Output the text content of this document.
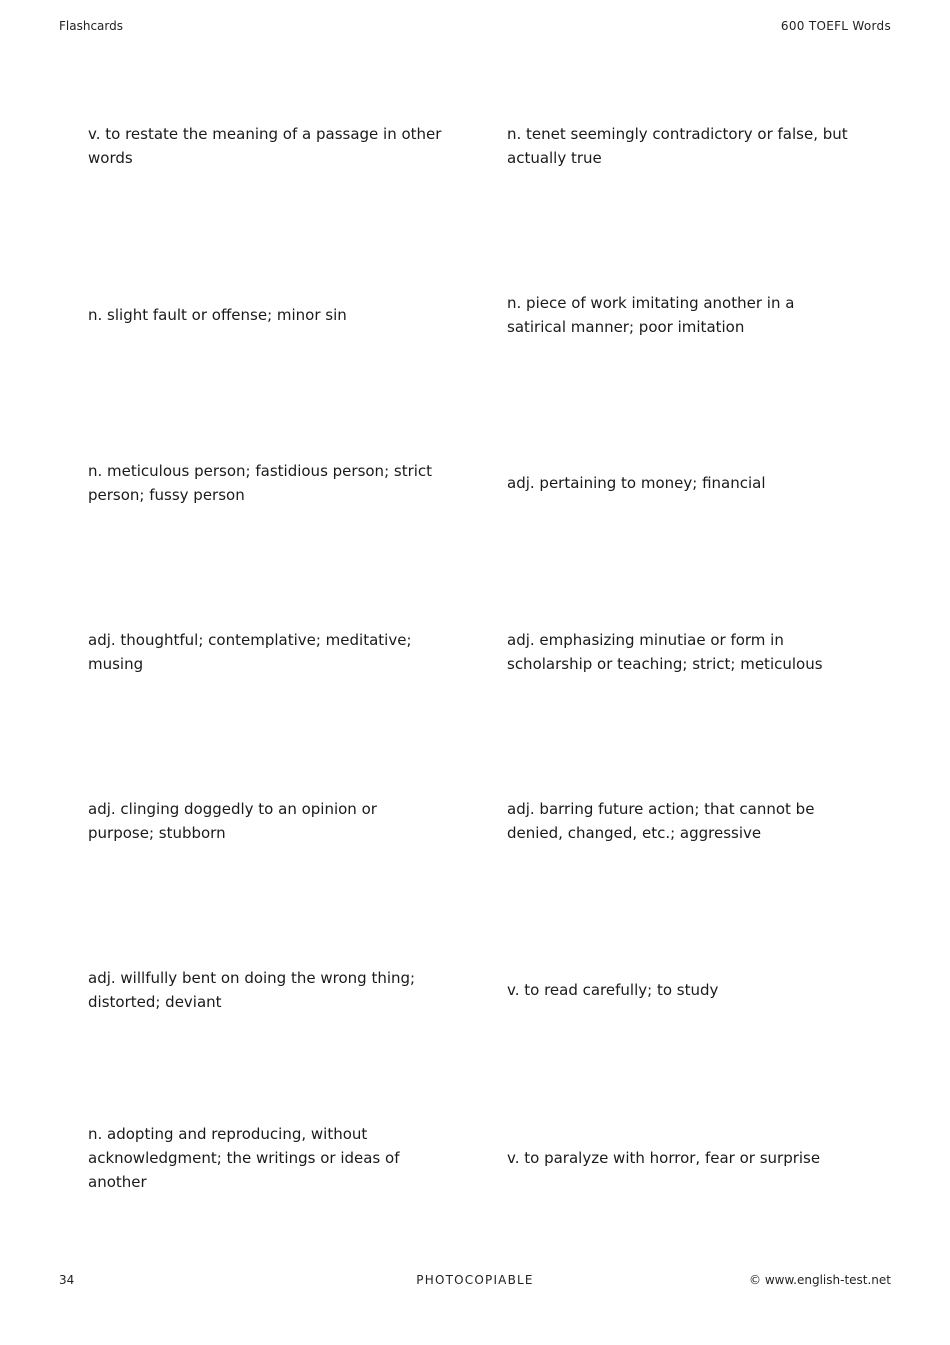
Flashcards	600 TOEFL Words
v. to restate the meaning of a passage in other words
n. tenet seemingly contradictory or false, but actually true
n. slight fault or offense; minor sin
n. piece of work imitating another in a satirical manner; poor imitation
n. meticulous person; fastidious person; strict person; fussy person
adj. pertaining to money; financial
adj. thoughtful; contemplative; meditative; musing
adj. emphasizing minutiae or form in scholarship or teaching; strict; meticulous
adj. clinging doggedly to an opinion or purpose; stubborn
adj. barring future action; that cannot be denied, changed, etc.; aggressive
adj. willfully bent on doing the wrong thing; distorted; deviant
v. to read carefully; to study
n. adopting and reproducing, without acknowledgment; the writings or ideas of another
v. to paralyze with horror, fear or surprise
34	PHOTOCOPIABLE	© www.english-test.net
